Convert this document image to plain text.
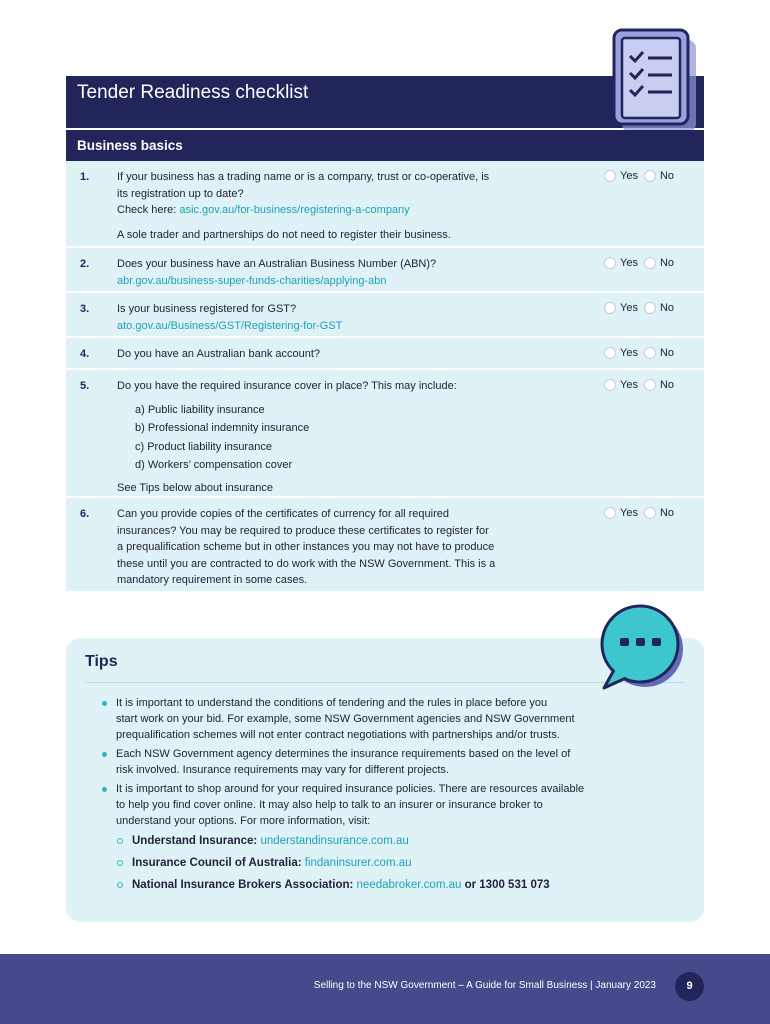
Tender Readiness checklist
Business basics
1.	If your business has a trading name or is a company, trust or co-operative, is
its registration up to date?
Check here: asic.gov.au/for-business/registering-a-company
A sole trader and partnerships do not need to register their business.
Yes No
2.	Does your business have an Australian Business Number (ABN)?
abr.gov.au/business-super-funds-charities/applying-abn
Yes No
3.	Is your business registered for GST?
ato.gov.au/Business/GST/Registering-for-GST
Yes No
4.	Do you have an Australian bank account?	Yes No
5.	Do you have the required insurance cover in place? This may include:
a) Public liability insurance
b) Professional indemnity insurance
c) Product liability insurance
d) Workers’ compensation cover
See Tips below about insurance
Yes No
6.	Can you provide copies of the certificates of currency for all required
insurances? You may be required to produce these certificates to register for
a prequalification scheme but in other instances you may not have to produce
these until you are contracted to do work with the NSW Government. This is a
mandatory requirement in some cases.
Yes No
Tips
It is important to understand the conditions of tendering and the rules in place before you
start work on your bid. For example, some NSW Government agencies and NSW Government
prequalification schemes will not enter contract negotiations with partnerships and/or trusts.
Each NSW Government agency determines the insurance requirements based on the level of
risk involved. Insurance requirements may vary for different projects.
It is important to shop around for your required insurance policies. There are resources available
to help you find cover online. It may also help to talk to an insurer or insurance broker to
understand your options. For more information, visit:
Understand Insurance: understandinsurance.com.au
Insurance Council of Australia: findaninsurer.com.au
National Insurance Brokers Association: needabroker.com.au or 1300 531 073
Selling to the NSW Government – A Guide for Small Business | January 2023	9
